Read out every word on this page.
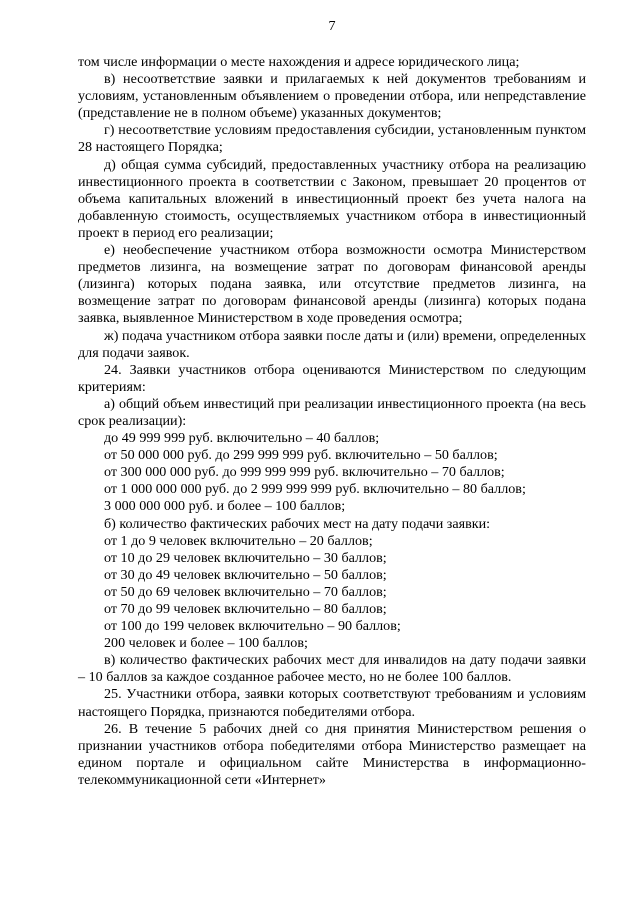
7

том числе информации о месте нахождения и адресе юридического лица;

в) несоответствие заявки и прилагаемых к ней документов требованиям и условиям, установленным объявлением о проведении отбора, или непредставление (представление не в полном объеме) указанных документов;

г) несоответствие условиям предоставления субсидии, установленным пунктом 28 настоящего Порядка;

д) общая сумма субсидий, предоставленных участнику отбора на реализацию инвестиционного проекта в соответствии с Законом, превышает 20 процентов от объема капитальных вложений в инвестиционный проект без учета налога на добавленную стоимость, осуществляемых участником отбора в инвестиционный проект в период его реализации;

е) необеспечение участником отбора возможности осмотра Министерством предметов лизинга, на возмещение затрат по договорам финансовой аренды (лизинга) которых подана заявка, или отсутствие предметов лизинга, на возмещение затрат по договорам финансовой аренды (лизинга) которых подана заявка, выявленное Министерством в ходе проведения осмотра;

ж) подача участником отбора заявки после даты и (или) времени, определенных для подачи заявок.

24. Заявки участников отбора оцениваются Министерством по следующим критериям:

а) общий объем инвестиций при реализации инвестиционного проекта (на весь срок реализации):

до 49 999 999 руб. включительно – 40 баллов;

от 50 000 000 руб. до 299 999 999 руб. включительно – 50 баллов;

от 300 000 000 руб. до 999 999 999 руб. включительно – 70 баллов;

от 1 000 000 000 руб. до 2 999 999 999 руб. включительно – 80 баллов;

3 000 000 000 руб. и более – 100 баллов;

б) количество фактических рабочих мест на дату подачи заявки:

от 1 до 9 человек включительно – 20 баллов;

от 10 до 29 человек включительно – 30 баллов;

от 30 до 49 человек включительно – 50 баллов;

от 50 до 69 человек включительно – 70 баллов;

от 70 до 99 человек включительно – 80 баллов;

от 100 до 199 человек включительно – 90 баллов;

200 человек и более – 100 баллов;

в) количество фактических рабочих мест для инвалидов на дату подачи заявки – 10 баллов за каждое созданное рабочее место, но не более 100 баллов.

25. Участники отбора, заявки которых соответствуют требованиям и условиям настоящего Порядка, признаются победителями отбора.

26. В течение 5 рабочих дней со дня принятия Министерством решения о признании участников отбора победителями отбора Министерство размещает на едином портале и официальном сайте Министерства в информационно-телекоммуникационной сети «Интернет»
